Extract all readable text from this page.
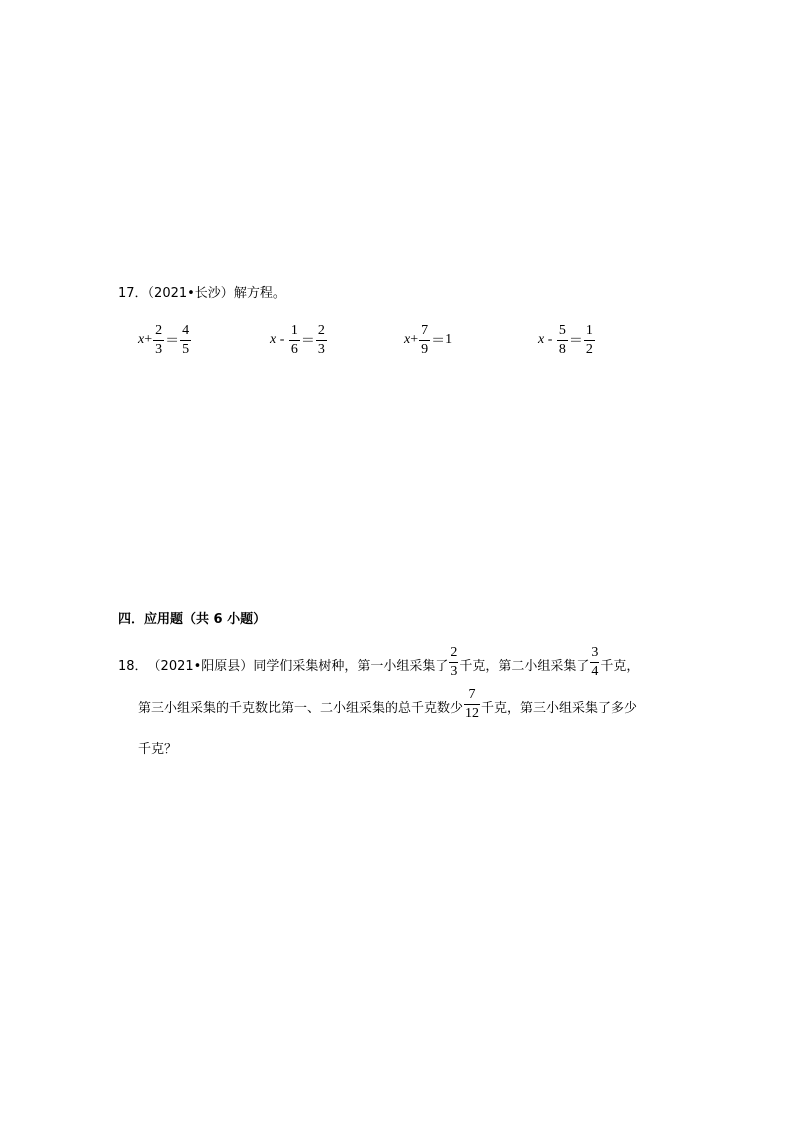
17．（2021•长沙）解方程。
$x + \frac{2}{3} = \frac{4}{5}$	$x - \frac{1}{6} = \frac{2}{3}$	$x + \frac{7}{9} = 1$	$x - \frac{5}{8} = \frac{1}{2}$
四．应用题（共 6 小题）
18． （2021•阳原县） 同学们采集树种，第一小组采集了 $\frac{2}{3}$ 千克，第二小组采集了 $\frac{3}{4}$ 千克，
第三小组采集的千克数比第一、二小组采集的总千克数少 $\frac{7}{12}$ 千克，第三小组采集了多少
千克？
